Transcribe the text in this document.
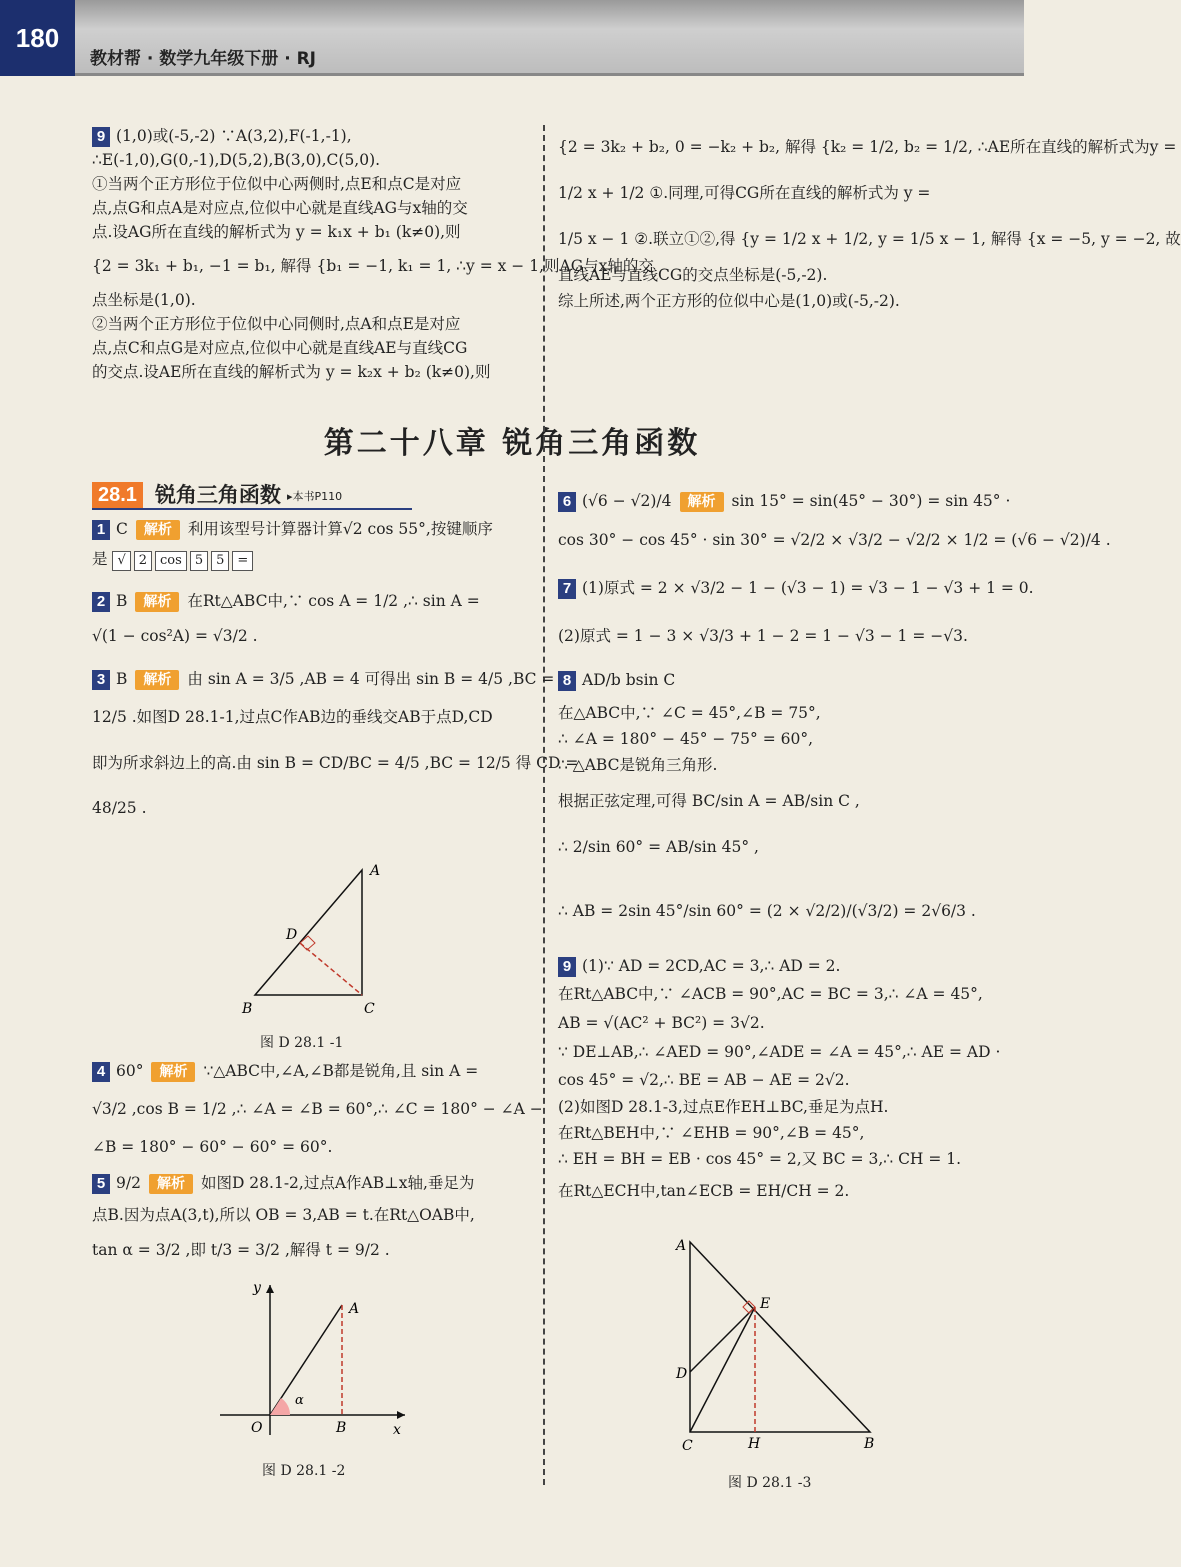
180
教材帮 · 数学九年级下册 · RJ

9 (1,0)或(-5,-2) ∵A(3,2),F(-1,-1),

∴E(-1,0),G(0,-1),D(5,2),B(3,0),C(5,0).

①当两个正方形位于位似中心两侧时,点E和点C是对应

点,点G和点A是对应点,位似中心就是直线AG与x轴的交

点.设AG所在直线的解析式为 y = k₁x + b₁ (k≠0),则

{2 = 3k₁ + b₁, −1 = b₁, 解得 {b₁ = −1, k₁ = 1, ∴y = x − 1,则AG与x轴的交

点坐标是(1,0).

②当两个正方形位于位似中心同侧时,点A和点E是对应

点,点C和点G是对应点,位似中心就是直线AE与直线CG

的交点.设AE所在直线的解析式为 y = k₂x + b₂ (k≠0),则

{2 = 3k₂ + b₂, 0 = −k₂ + b₂, 解得 {k₂ = 1/2, b₂ = 1/2, ∴AE所在直线的解析式为y =

1/2 x + 1/2 ①.同理,可得CG所在直线的解析式为 y =

1/5 x − 1 ②.联立①②,得 {y = 1/2 x + 1/2, y = 1/5 x − 1, 解得 {x = −5, y = −2, 故

直线AE与直线CG的交点坐标是(-5,-2).

综上所述,两个正方形的位似中心是(1,0)或(-5,-2).

第二十八章 锐角三角函数
28.1 锐角三角函数 ▸本书P110

1 C 解析 利用该型号计算器计算√2 cos 55°,按键顺序

是 √ 2 cos 5 5 =

2 B 解析 在Rt△ABC中,∵ cos A = 1/2 ,∴ sin A =

√(1 − cos²A) = √3/2 .

3 B 解析 由 sin A = 3/5 ,AB = 4 可得出 sin B = 4/5 ,BC =

12/5 .如图D 28.1-1,过点C作AB边的垂线交AB于点D,CD

即为所求斜边上的高.由 sin B = CD/BC = 4/5 ,BC = 12/5 得 CD =

48/25 .

A
D
B	C
图 D 28.1 -1

4 60° 解析 ∵△ABC中,∠A,∠B都是锐角,且 sin A =

√3/2 ,cos B = 1/2 ,∴ ∠A = ∠B = 60°,∴ ∠C = 180° − ∠A −

∠B = 180° − 60° − 60° = 60°.

5 9/2 解析 如图D 28.1-2,过点A作AB⊥x轴,垂足为

点B.因为点A(3,t),所以 OB = 3,AB = t.在Rt△OAB中,

tan α = 3/2 ,即 t/3 = 3/2 ,解得 t = 9/2 .

y
A
α
O	B	x
图 D 28.1 -2

6 (√6 − √2)/4 解析 sin 15° = sin(45° − 30°) = sin 45° ·

cos 30° − cos 45° · sin 30° = √2/2 × √3/2 − √2/2 × 1/2 = (√6 − √2)/4 .

7 (1)原式 = 2 × √3/2 − 1 − (√3 − 1) = √3 − 1 − √3 + 1 = 0.

(2)原式 = 1 − 3 × √3/3 + 1 − 2 = 1 − √3 − 1 = −√3.

8 AD/b bsin C

在△ABC中,∵ ∠C = 45°,∠B = 75°,

∴ ∠A = 180° − 45° − 75° = 60°,

∴ △ABC是锐角三角形.

根据正弦定理,可得 BC/sin A = AB/sin C ,

∴ 2/sin 60° = AB/sin 45° ,

∴ AB = 2sin 45°/sin 60° = (2 × √2/2)/(√3/2) = 2√6/3 .

9 (1)∵ AD = 2CD,AC = 3,∴ AD = 2.

在Rt△ABC中,∵ ∠ACB = 90°,AC = BC = 3,∴ ∠A = 45°,

AB = √(AC² + BC²) = 3√2.

∵ DE⊥AB,∴ ∠AED = 90°,∠ADE = ∠A = 45°,∴ AE = AD ·

cos 45° = √2,∴ BE = AB − AE = 2√2.

(2)如图D 28.1-3,过点E作EH⊥BC,垂足为点H.

在Rt△BEH中,∵ ∠EHB = 90°,∠B = 45°,

∴ EH = BH = EB · cos 45° = 2,又 BC = 3,∴ CH = 1.

在Rt△ECH中,tan∠ECB = EH/CH = 2.

A
E
D
C	H	B
图 D 28.1 -3
